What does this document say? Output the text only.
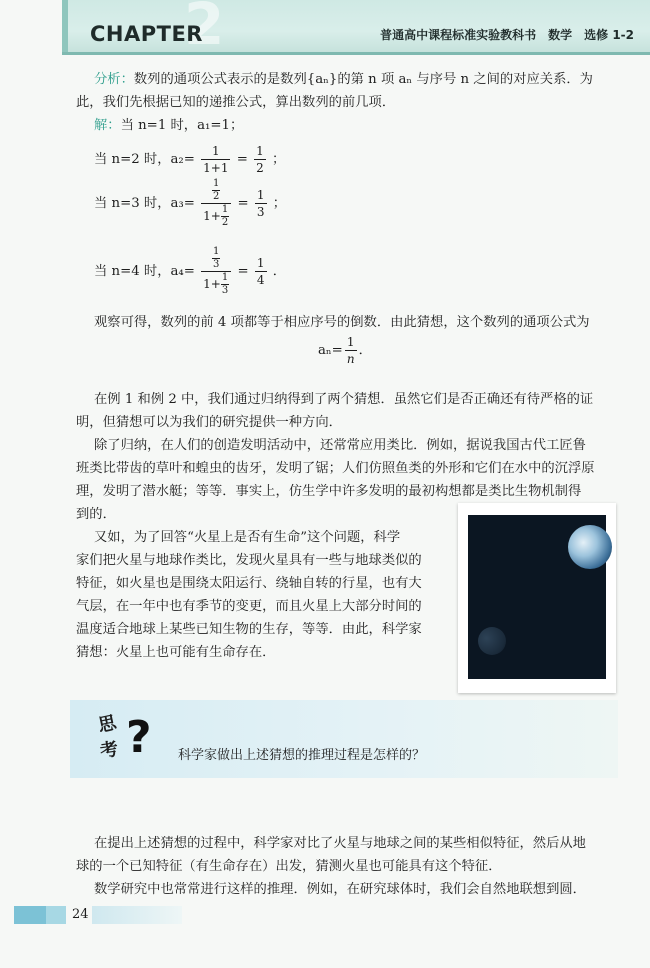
2
CHAPTER	普通高中课程标准实验教科书　数学　选修 1-2
分析：数列的通项公式表示的是数列{aₙ}的第 n 项 aₙ 与序号 n 之间的对应关系．为
此，我们先根据已知的递推公式，算出数列的前几项．
解：当 n=1 时，a₁=1；
当 n=2 时，$a_2= \frac{1}{1+1} = \frac{1}{2}$ ；
当 n=3 时，$a_3= \frac{\frac{1}{2}}{1+ \frac{1}{2}} = \frac{1}{3}$ ；
当 n=4 时，$a_4= \frac{\frac{1}{3}}{1+ \frac{1}{3}} = \frac{1}{4}$ ．
观察可得，数列的前 4 项都等于相应序号的倒数．由此猜想，这个数列的通项公式为
$a_n= \frac{1}{n}$ ．
在例 1 和例 2 中，我们通过归纳得到了两个猜想．虽然它们是否正确还有待严格的证
明，但猜想可以为我们的研究提供一种方向．
除了归纳，在人们的创造发明活动中，还常常应用类比．例如，据说我国古代工匠鲁
班类比带齿的草叶和蝗虫的齿牙，发明了锯；人们仿照鱼类的外形和它们在水中的沉浮原
理，发明了潜水艇；等等．事实上，仿生学中许多发明的最初构想都是类比生物机制得
到的．
又如，为了回答“火星上是否有生命”这个问题，科学
家们把火星与地球作类比，发现火星具有一些与地球类似的
特征，如火星也是围绕太阳运行、绕轴自转的行星，也有大
气层，在一年中也有季节的变更，而且火星上大部分时间的
温度适合地球上某些已知生物的生存，等等．由此，科学家
猜想：火星上也可能有生命存在．
思
考 ? 科学家做出上述猜想的推理过程是怎样的？
在提出上述猜想的过程中，科学家对比了火星与地球之间的某些相似特征，然后从地
球的一个已知特征（有生命存在）出发，猜测火星也可能具有这个特征．
数学研究中也常常进行这样的推理．例如，在研究球体时，我们会自然地联想到圆．
24
